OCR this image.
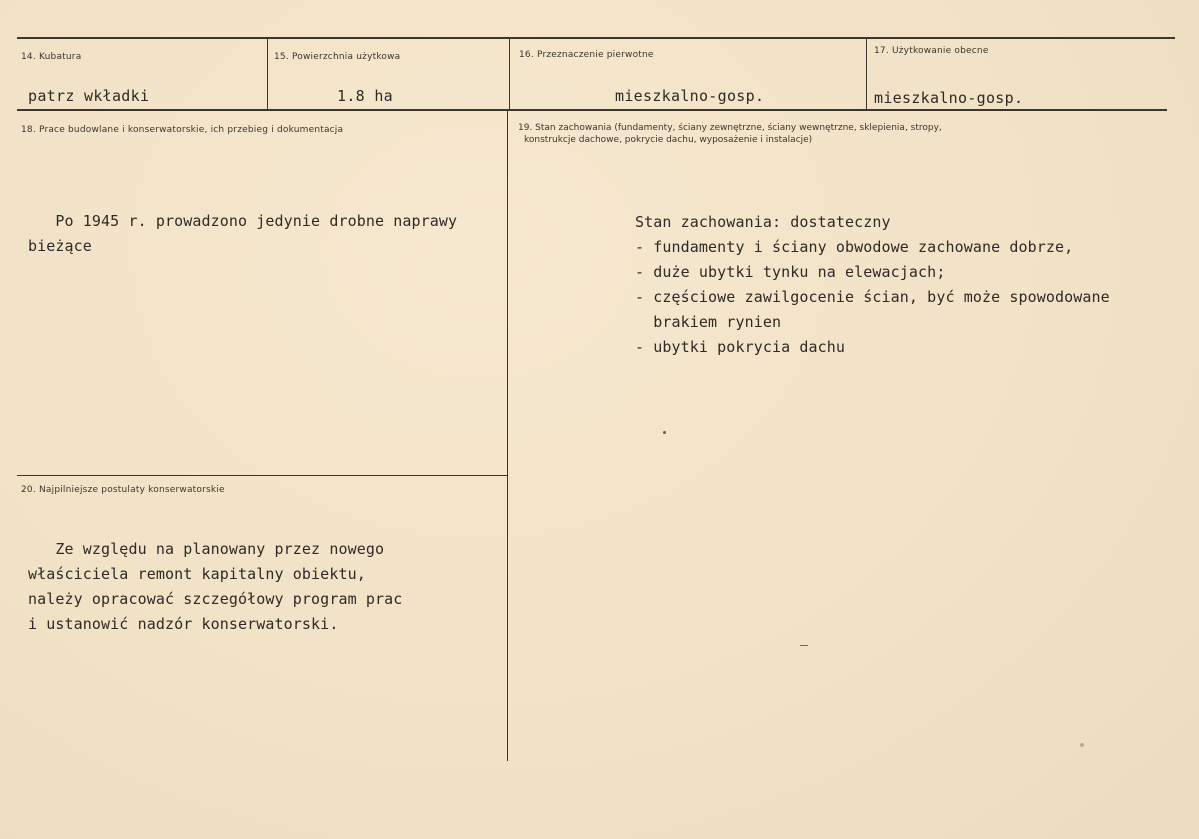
14. Kubatura
patrz wkładki
15. Powierzchnia użytkowa
1.8 ha
16. Przeznaczenie pierwotne
mieszkalno-gosp.
17. Użytkowanie obecne
mieszkalno-gosp.
18. Prace budowlane i konserwatorskie, ich przebieg i dokumentacja
Po 1945 r. prowadzono jedynie drobne naprawy
bieżące
19. Stan zachowania (fundamenty, ściany zewnętrzne, ściany wewnętrzne, sklepienia, stropy,
konstrukcje dachowe, pokrycie dachu, wyposażenie i instalacje)
Stan zachowania: dostateczny
- fundamenty i ściany obwodowe zachowane dobrze,
- duże ubytki tynku na elewacjach;
- częściowe zawilgocenie ścian, być może spowodowane
brakiem rynien
- ubytki pokrycia dachu
20. Najpilniejsze postulaty konserwatorskie
Ze względu na planowany przez nowego
właściciela remont kapitalny obiektu,
należy opracować szczegółowy program prac
i ustanowić nadzór konserwatorski.
